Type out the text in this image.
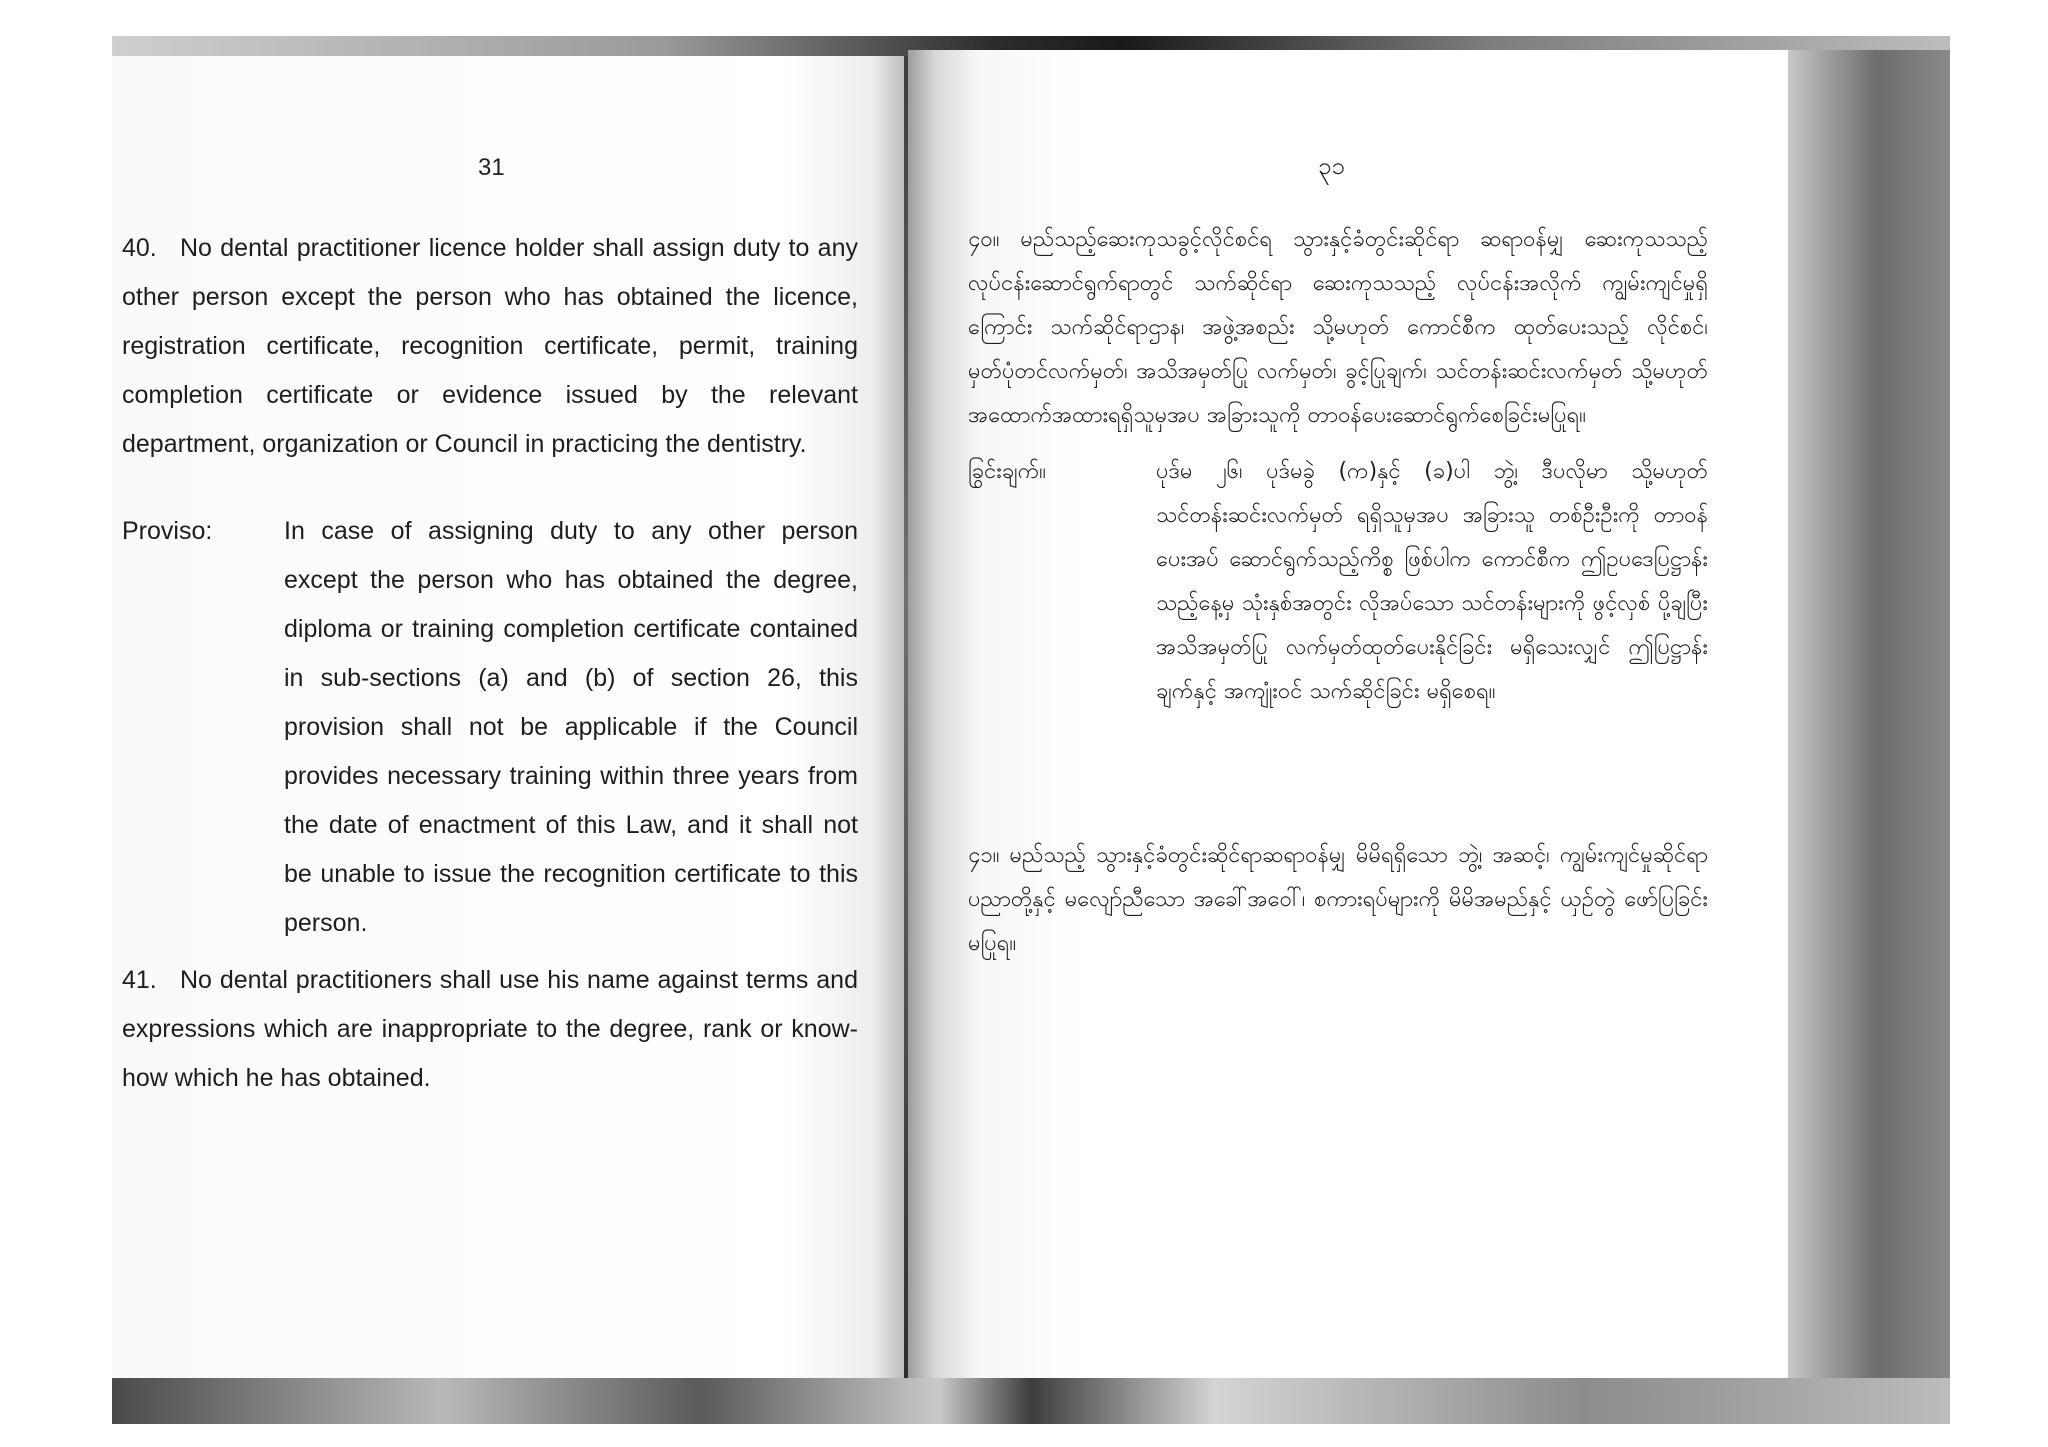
31

40. No dental practitioner licence holder shall assign duty to any other person except the person who has obtained the licence, registration certificate, recognition certificate, permit, training completion certificate or evidence issued by the relevant department, organization or Council in practicing the dentistry.

Proviso:	In case of assigning duty to any other person except the person who has obtained the degree, diploma or training completion certificate contained in sub-sections (a) and (b) of section 26, this provision shall not be applicable if the Council provides necessary training within three years from the date of enactment of this Law, and it shall not be unable to issue the recognition certificate to this person.

41. No dental practitioners shall use his name against terms and expressions which are inappropriate to the degree, rank or know-how which he has obtained.

၃၁

၄၀။ မည်သည့်ဆေးကုသခွင့်လိုင်စင်ရ သွားနှင့်ခံတွင်းဆိုင်ရာ ဆရာဝန်မျှ ဆေးကုသသည့် လုပ်ငန်းဆောင်ရွက်ရာတွင် သက်ဆိုင်ရာ ဆေးကုသသည့် လုပ်ငန်းအလိုက် ကျွမ်းကျင်မှုရှိကြောင်း သက်ဆိုင်ရာဌာန၊ အဖွဲ့အစည်း သို့မဟုတ် ကောင်စီက ထုတ်ပေးသည့် လိုင်စင်၊ မှတ်ပုံတင်လက်မှတ်၊ အသိအမှတ်ပြု လက်မှတ်၊ ခွင့်ပြုချက်၊ သင်တန်းဆင်းလက်မှတ် သို့မဟုတ် အထောက်အထားရရှိသူမှအပ အခြားသူကို တာဝန်ပေးဆောင်ရွက်စေခြင်းမပြုရ။

ခြွင်းချက်။	ပုဒ်မ ၂၆၊ ပုဒ်မခွဲ (က)နှင့် (ခ)ပါ ဘွဲ့၊ ဒီပလိုမာ သို့မဟုတ် သင်တန်းဆင်းလက်မှတ် ရရှိသူမှအပ အခြားသူ တစ်ဦးဦးကို တာဝန်ပေးအပ် ဆောင်ရွက်သည့်ကိစ္စ ဖြစ်ပါက ကောင်စီက ဤဥပဒေပြဋ္ဌာန်းသည့်နေ့မှ သုံးနှစ်အတွင်း လိုအပ်သော သင်တန်းများကို ဖွင့်လှစ် ပို့ချပြီး အသိအမှတ်ပြု လက်မှတ်ထုတ်ပေးနိုင်ခြင်း မရှိသေးလျှင် ဤပြဋ္ဌာန်းချက်နှင့် အကျုံးဝင် သက်ဆိုင်ခြင်း မရှိစေရ။

၄၁။ မည်သည့် သွားနှင့်ခံတွင်းဆိုင်ရာဆရာဝန်မျှ မိမိရရှိသော ဘွဲ့၊ အဆင့်၊ ကျွမ်းကျင်မှုဆိုင်ရာ ပညာတို့နှင့် မလျော်ညီသော အခေါ်အဝေါ်၊ စကားရပ်များကို မိမိအမည်နှင့် ယှဉ်တွဲ ဖော်ပြခြင်း မပြုရ။
